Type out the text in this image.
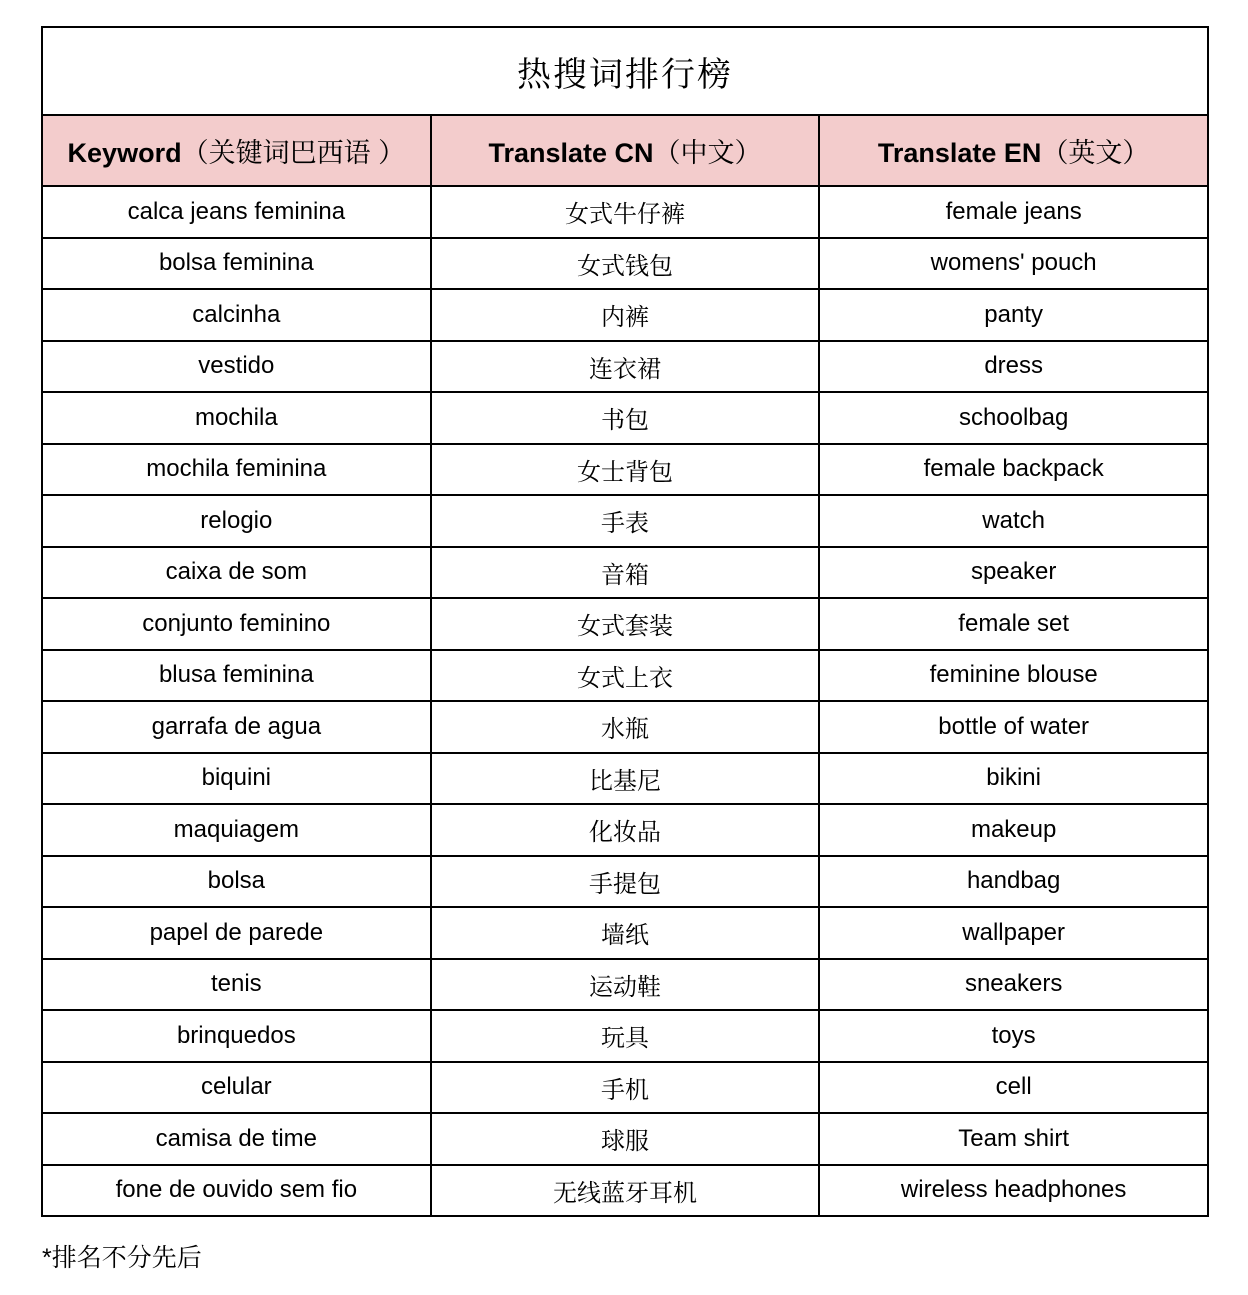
热搜词排行榜		
Keyword（关键词巴西语 ）	Translate CN（中文）	Translate EN（英文）
calca jeans feminina	女式牛仔裤	female jeans
bolsa feminina	女式钱包	womens' pouch
calcinha	内裤	panty
vestido	连衣裙	dress
mochila	书包	schoolbag
mochila feminina	女士背包	female backpack
relogio	手表	watch
caixa de som	音箱	speaker
conjunto feminino	女式套装	female set
blusa feminina	女式上衣	feminine blouse
garrafa de agua	水瓶	bottle of water
biquini	比基尼	bikini
maquiagem	化妆品	makeup
bolsa	手提包	handbag
papel de parede	墙纸	wallpaper
tenis	运动鞋	sneakers
brinquedos	玩具	toys
celular	手机	cell
camisa de time	球服	Team shirt
fone de ouvido sem fio	无线蓝牙耳机	wireless headphones
*排名不分先后
